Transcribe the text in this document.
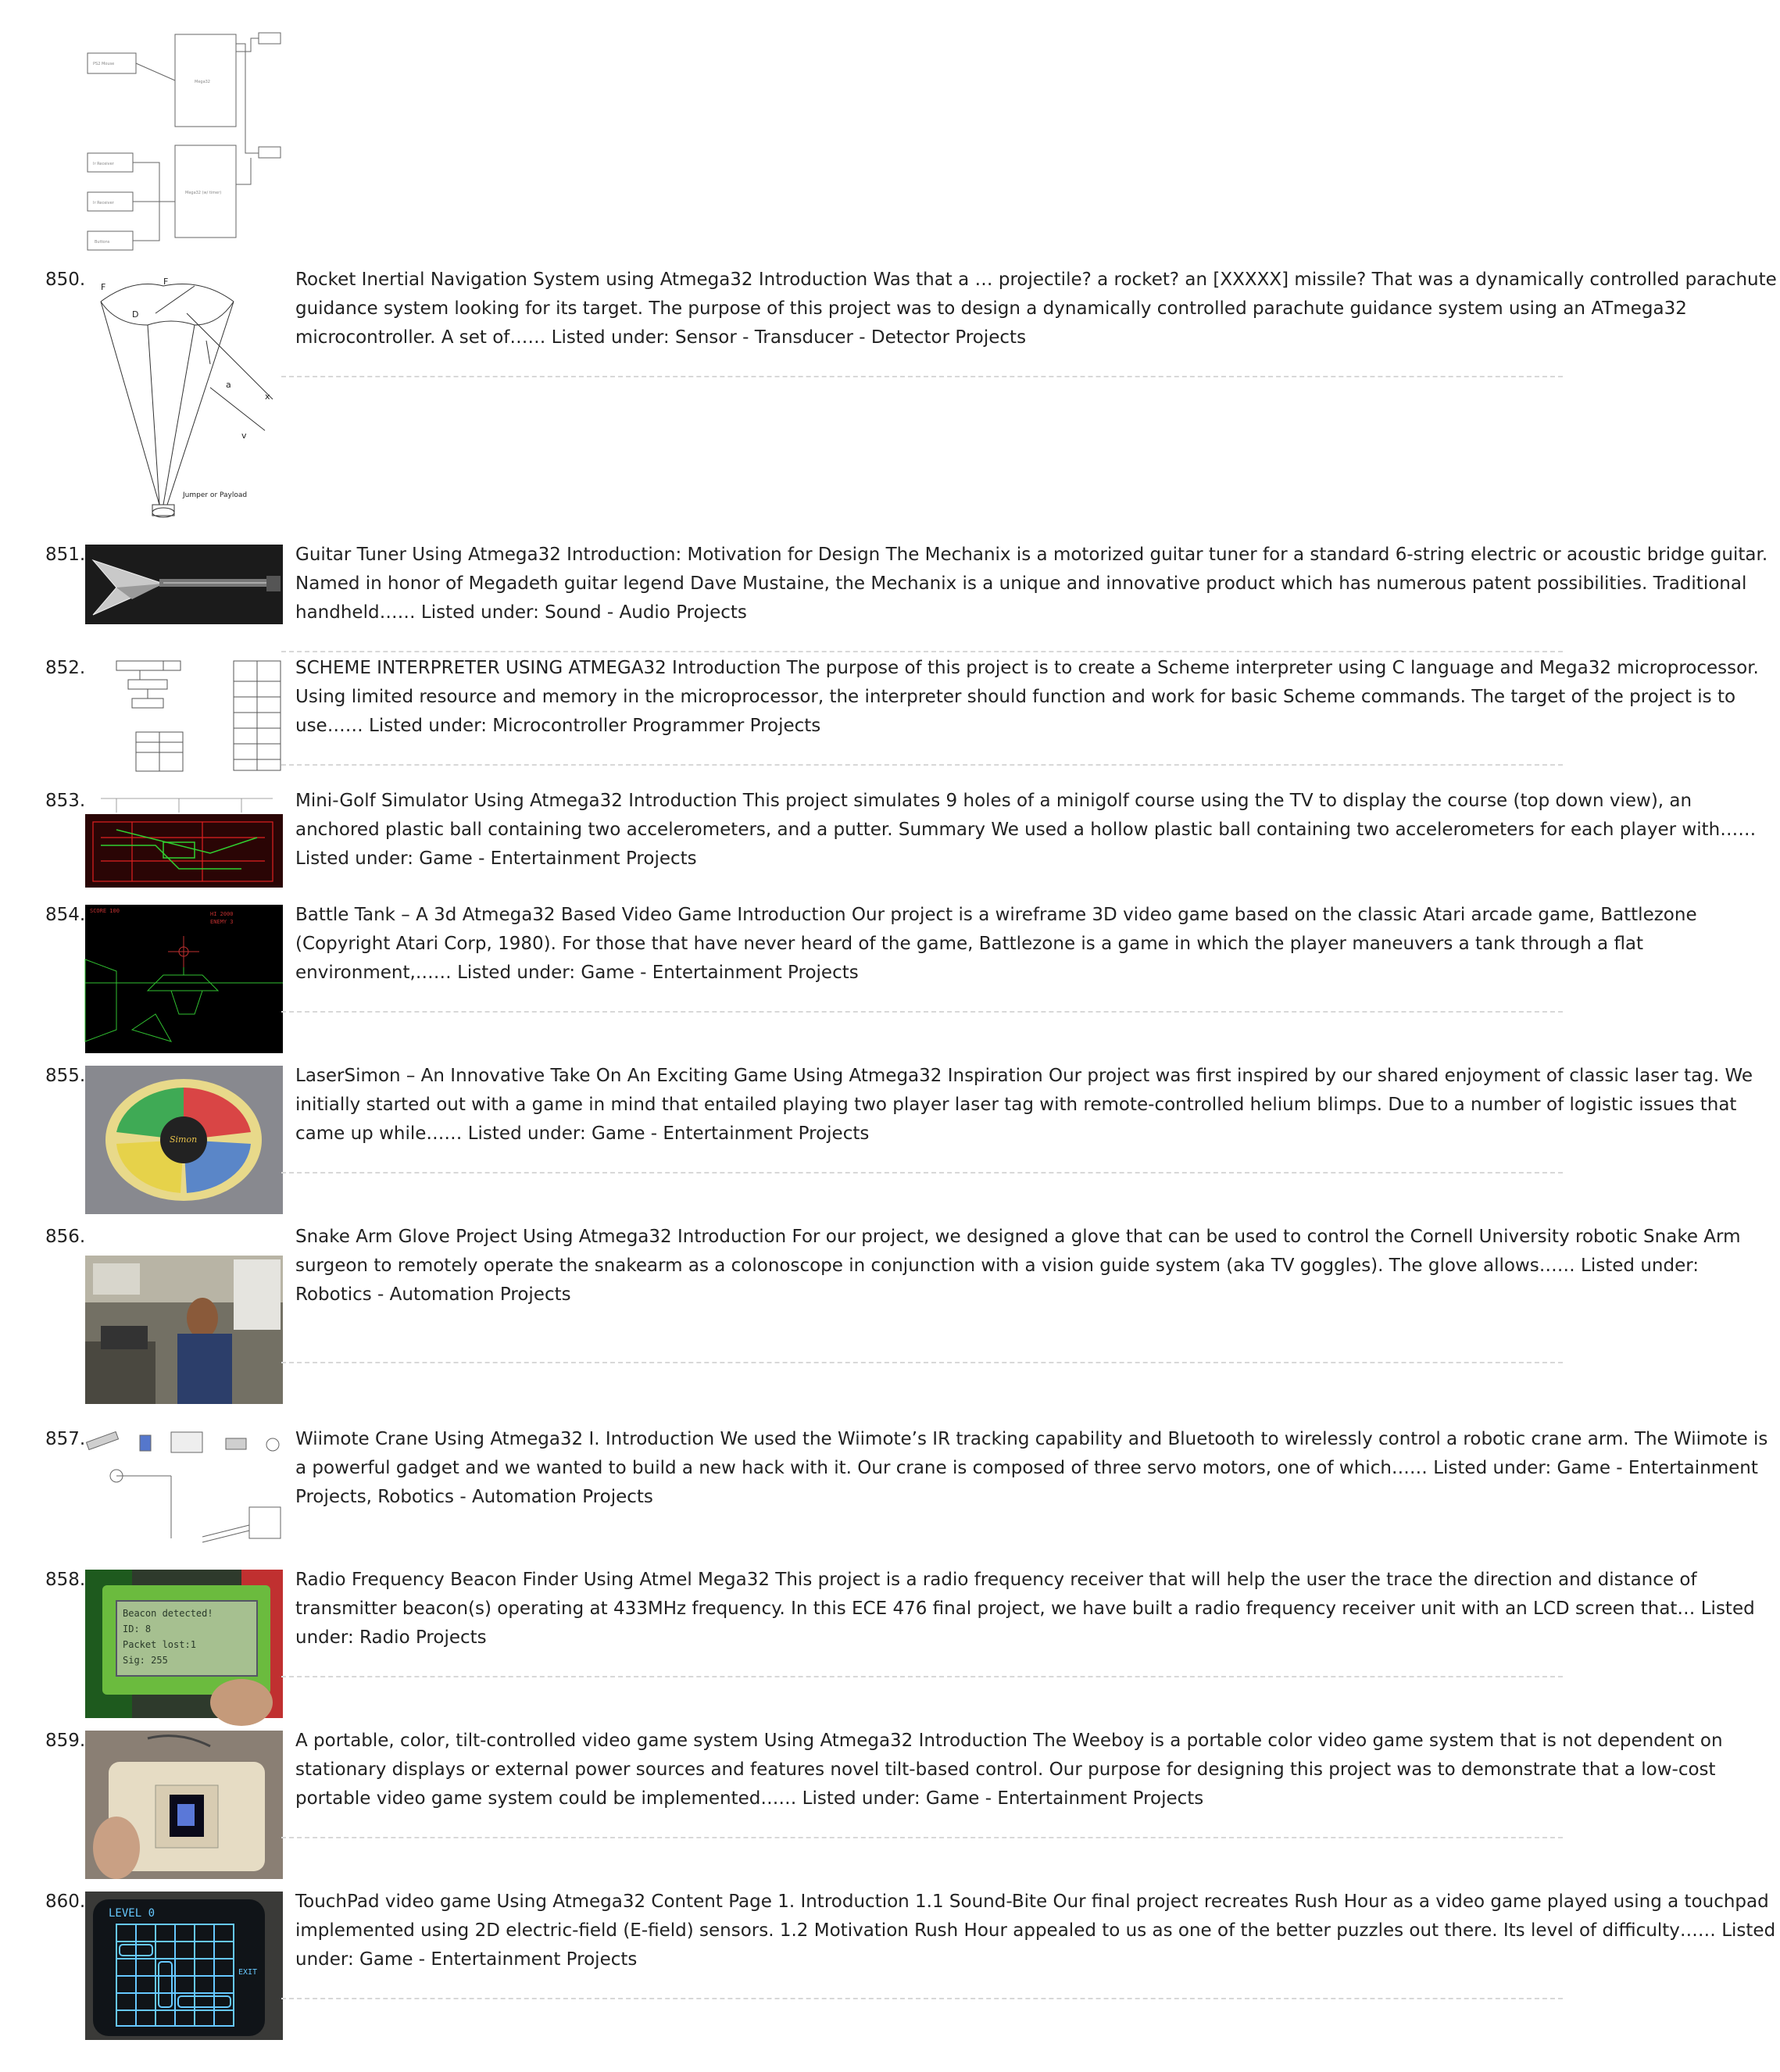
PS2 Mouse
Mega32
Ir Receiver
Ir Receiver
Buttons
Mega32 (w/ timer)
850. F
F
D
x
v
a
Jumper or Payload
Rocket Inertial Navigation System using Atmega32 Introduction Was that a … projectile? a rocket? an [XXXXX] missile? That was a dynamically controlled parachute guidance system looking for its target. The purpose of this project was to design a dynamically controlled parachute guidance system using an ATmega32 microcontroller. A set of…… Listed under: Sensor - Transducer - Detector Projects
851.	Guitar Tuner Using Atmega32 Introduction: Motivation for Design The Mechanix is a motorized guitar tuner for a standard 6-string electric or acoustic bridge guitar. Named in honor of Megadeth guitar legend Dave Mustaine, the Mechanix is a unique and innovative product which has numerous patent possibilities. Traditional handheld…… Listed under: Sound - Audio Projects
852.	SCHEME INTERPRETER USING ATMEGA32 Introduction The purpose of this project is to create a Scheme interpreter using C language and Mega32 microprocessor. Using limited resource and memory in the microprocessor, the interpreter should function and work for basic Scheme commands. The target of the project is to use…… Listed under: Microcontroller Programmer Projects
853.	Mini-Golf Simulator Using Atmega32 Introduction This project simulates 9 holes of a minigolf course using the TV to display the course (top down view), an anchored plastic ball containing two accelerometers, and a putter. Summary We used a hollow plastic ball containing two accelerometers for each player with…… Listed under: Game - Entertainment Projects
854. SCORE 100	HI 2000
ENEMY 3	Battle Tank – A 3d Atmega32 Based Video Game Introduction Our project is a wireframe 3D video game based on the classic Atari arcade game, Battlezone (Copyright Atari Corp, 1980). For those that have never heard of the game, Battlezone is a game in which the player maneuvers a tank through a flat environment,…… Listed under: Game - Entertainment Projects
855.
Simon
LaserSimon – An Innovative Take On An Exciting Game Using Atmega32 Inspiration Our project was first inspired by our shared enjoyment of classic laser tag. We initially started out with a game in mind that entailed playing two player laser tag with remote-controlled helium blimps. Due to a number of logistic issues that came up while…… Listed under: Game - Entertainment Projects
856.	Snake Arm Glove Project Using Atmega32 Introduction For our project, we designed a glove that can be used to control the Cornell University robotic Snake Arm surgeon to remotely operate the snakearm as a colonoscope in conjunction with a vision guide system (aka TV goggles). The glove allows…… Listed under: Robotics - Automation Projects
857.	Wiimote Crane Using Atmega32 I. Introduction We used the Wiimote’s IR tracking capability and Bluetooth to wirelessly control a robotic crane arm. The Wiimote is a powerful gadget and we wanted to build a new hack with it. Our crane is composed of three servo motors, one of which…… Listed under: Game - Entertainment Projects, Robotics - Automation Projects
858.
Beacon detected!
ID: 8
Packet lost:1
Sig: 255
Radio Frequency Beacon Finder Using Atmel Mega32 This project is a radio frequency receiver that will help the user the trace the direction and distance of transmitter beacon(s) operating at 433MHz frequency. In this ECE 476 final project, we have built a radio frequency receiver unit with an LCD screen that… Listed under: Radio Projects
859.	A portable, color, tilt-controlled video game system Using Atmega32 Introduction The Weeboy is a portable color video game system that is not dependent on stationary displays or external power sources and features novel tilt-based control. Our purpose for designing this project was to demonstrate that a low-cost portable video game system could be implemented…… Listed under: Game - Entertainment Projects
860.
LEVEL 0
EXIT
TouchPad video game Using Atmega32 Content Page 1. Introduction 1.1 Sound-Bite Our final project recreates Rush Hour as a video game played using a touchpad implemented using 2D electric-field (E-field) sensors. 1.2 Motivation Rush Hour appealed to us as one of the better puzzles out there. Its level of difficulty…… Listed under: Game - Entertainment Projects
